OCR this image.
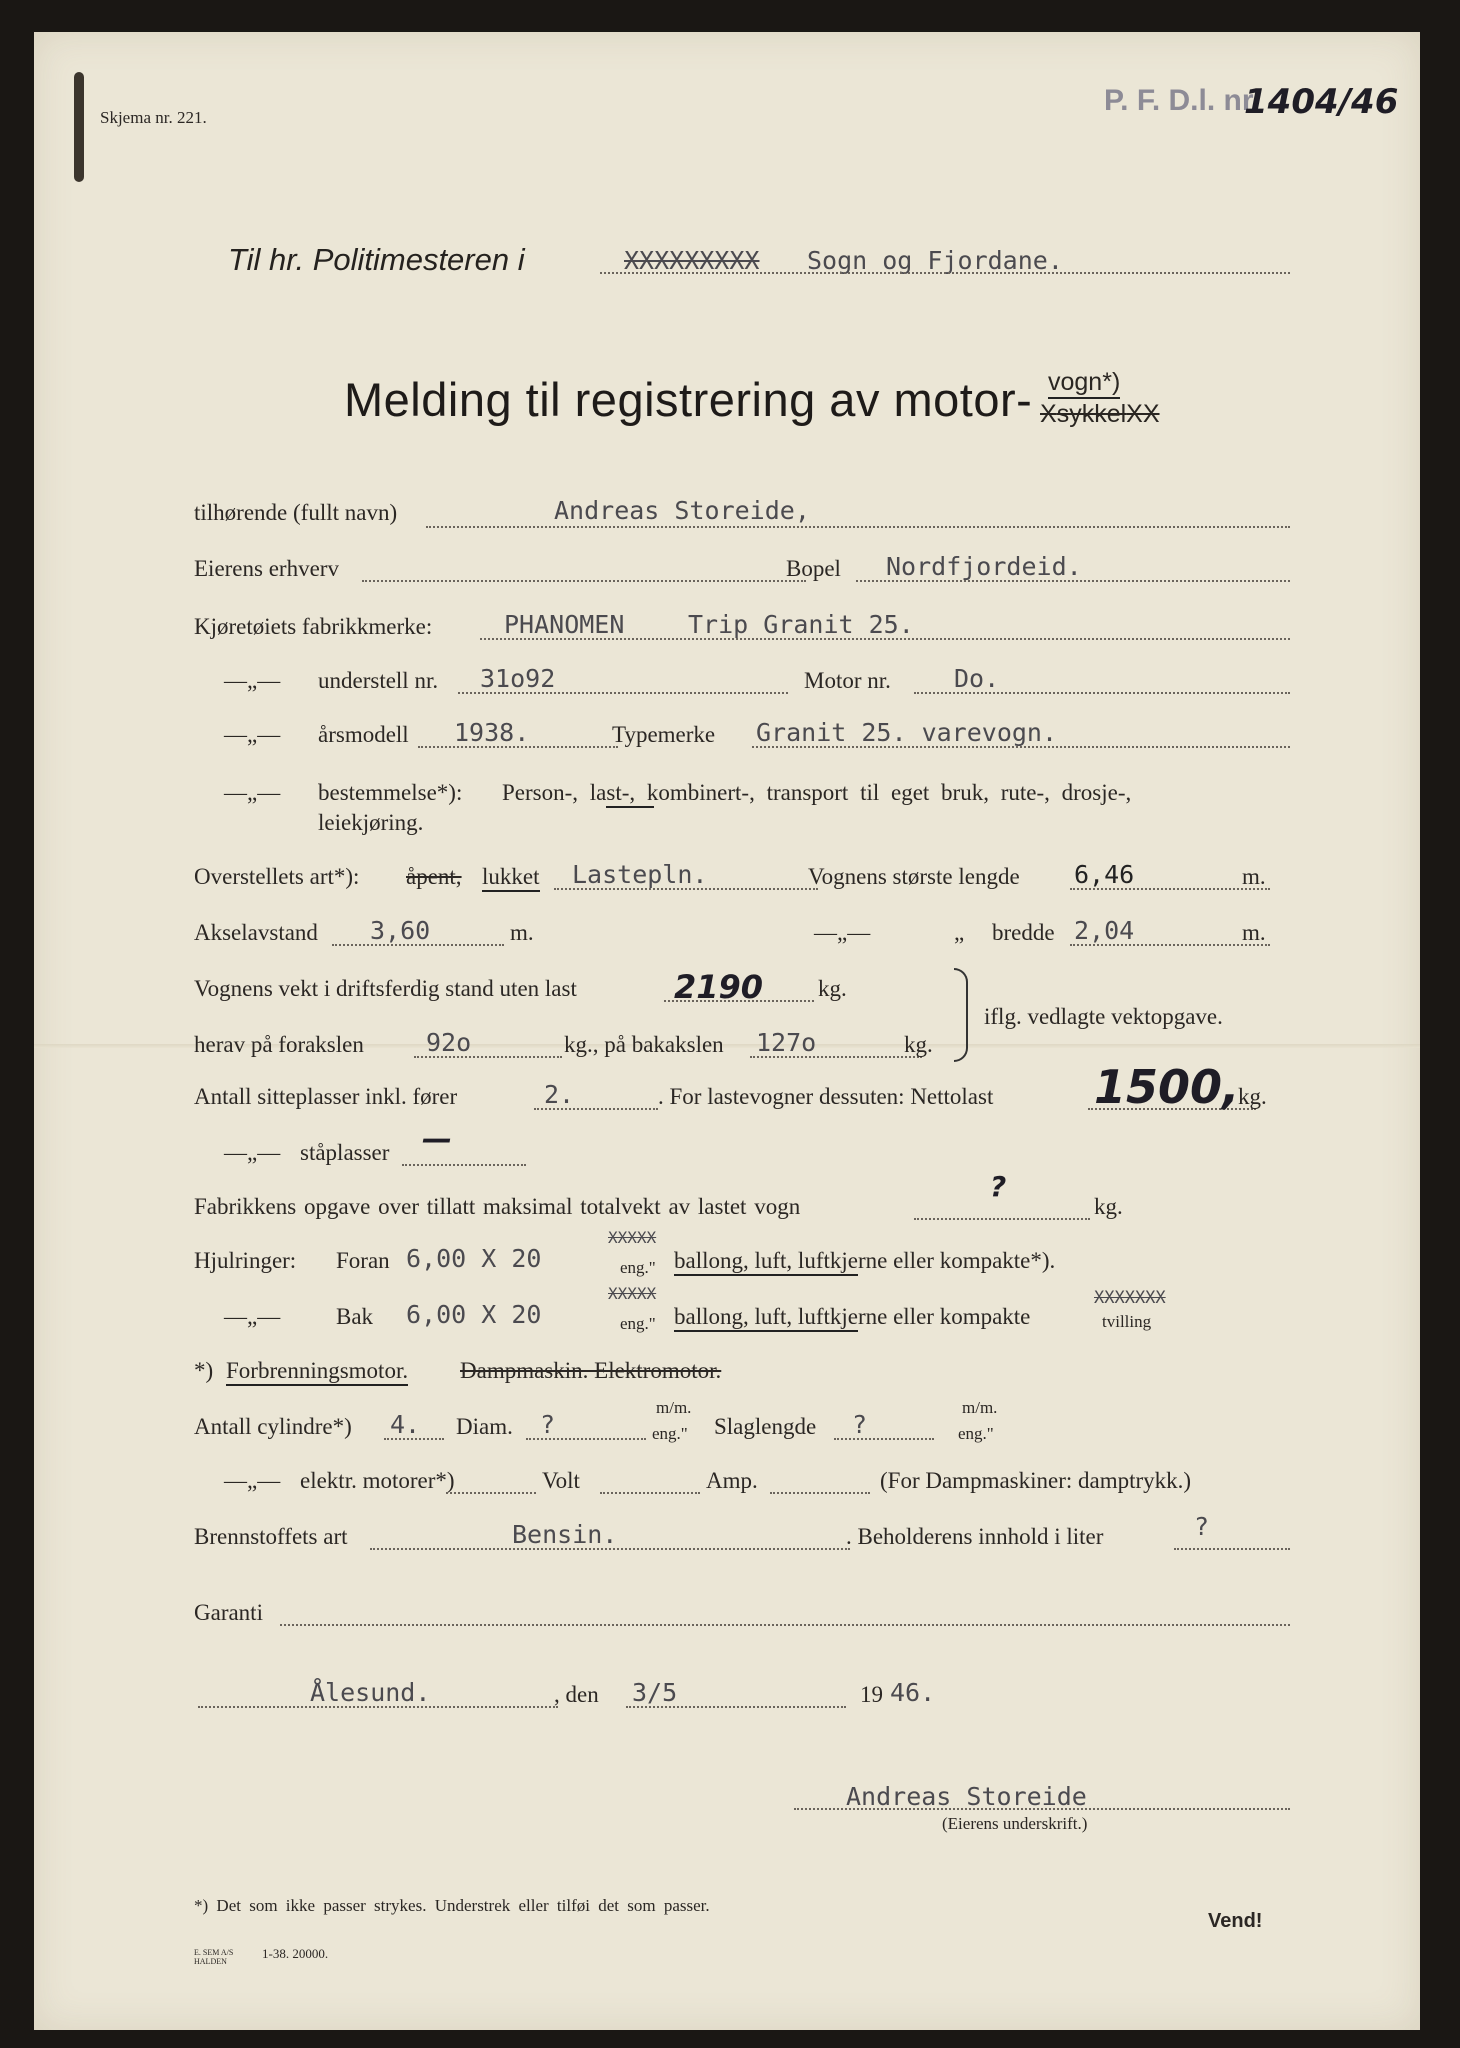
Skjema nr. 221.
P. F. D.l. nr
1404/46
Til hr. Politimesteren i	XXXXXXXXX Sogn og Fjordane.
Melding til registrering av motor- vogn*)
XsykkelXX
tilhørende (fullt navn)	Andreas Storeide,
Eierens erhverv	Bopel Nordfjordeid.
Kjøretøiets fabrikkmerke:	PHANOMEN	Trip Granit 25.
—„— understell nr. 31o92	Motor nr.	Do.
—„— årsmodell 1938.	Typemerke Granit 25. varevogn.
—„— bestemmelse*): Person-, last-, kombinert-, transport til eget bruk, rute-, drosje-,
leiekjøring.
Overstellets art*): åpent, lukket Lastepln.	Vognens største lengde 6,46	m.
Akselavstand 3,60	m.	—„—	„ bredde 2,04	m.
Vognens vekt i driftsferdig stand uten last	2190 kg.
herav på forakslen 92o	kg., på bakakslen 127o	kg.
iflg. vedlagte vektopgave.
Antall sitteplasser inkl. fører	2.	. For lastevogner dessuten: Nettolast 1500,
kg.
—„— ståplasser —
Fabrikkens opgave over tillatt maksimal totalvekt av lastet vogn
?
kg.
Hjulringer: Foran 6,00 X 20
XXXXX
eng." ballong, luft, luftkjerne eller kompakte*).
—„— Bak 6,00 X 20
XXXXX
eng." ballong, luft, luftkjerne eller kompakte
XXXXXXX
tvilling
*) Forbrenningsmotor. Dampmaskin. Elektromotor.
Antall cylindre*) 4. Diam. ?
m/m.
eng." Slaglengde ?
m/m.
eng."
—„— elektr. motorer*)	Volt	Amp.	(For Dampmaskiner: damptrykk.)
Brennstoffets art	Bensin.	. Beholderens innhold i liter	?
Garanti
Ålesund.	, den 3/5	19 46.
Andreas Storeide
(Eierens underskrift.)
*) Det som ikke passer strykes. Understrek eller tilføi det som passer.
Vend!
E. SEM A/S HALDEN
1-38. 20000.
